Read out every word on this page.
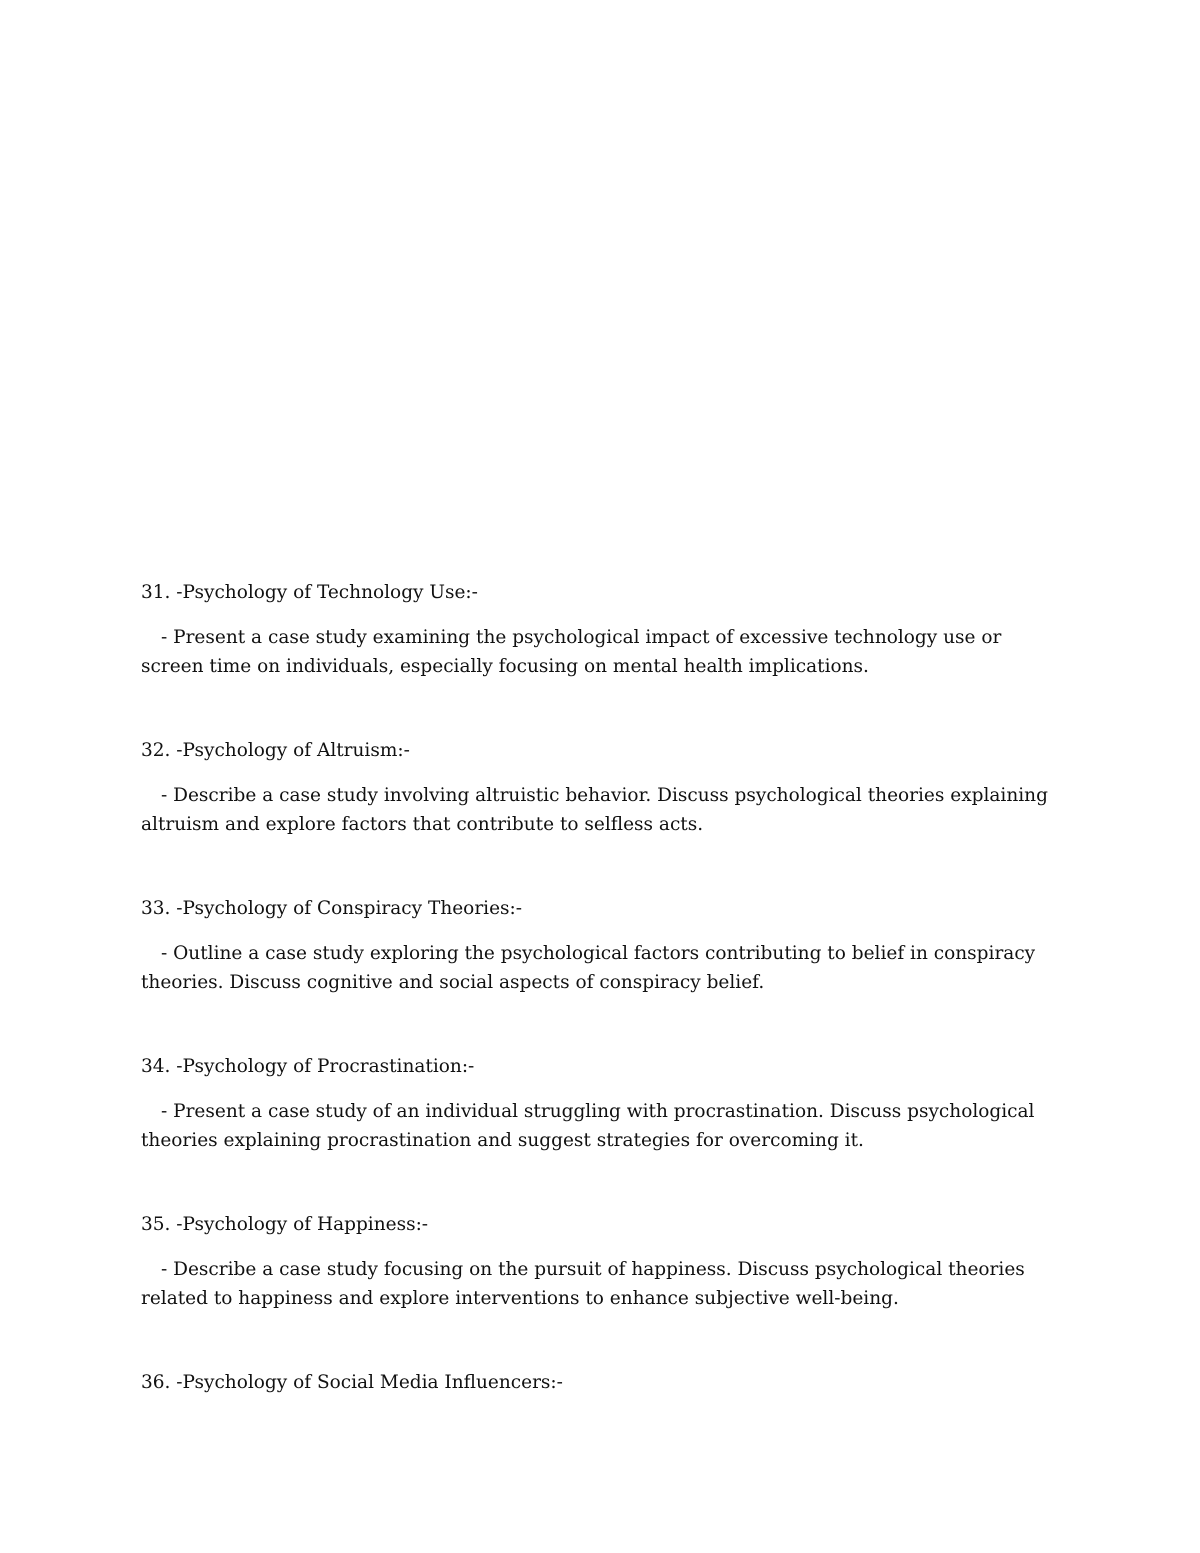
31. -Psychology of Technology Use:-

- Present a case study examining the psychological impact of excessive technology use or screen time on individuals, especially focusing on mental health implications.

32. -Psychology of Altruism:-

- Describe a case study involving altruistic behavior. Discuss psychological theories explaining altruism and explore factors that contribute to selfless acts.

33. -Psychology of Conspiracy Theories:-

- Outline a case study exploring the psychological factors contributing to belief in conspiracy theories. Discuss cognitive and social aspects of conspiracy belief.

34. -Psychology of Procrastination:-

- Present a case study of an individual struggling with procrastination. Discuss psychological theories explaining procrastination and suggest strategies for overcoming it.

35. -Psychology of Happiness:-

- Describe a case study focusing on the pursuit of happiness. Discuss psychological theories related to happiness and explore interventions to enhance subjective well-being.

36. -Psychology of Social Media Influencers:-
